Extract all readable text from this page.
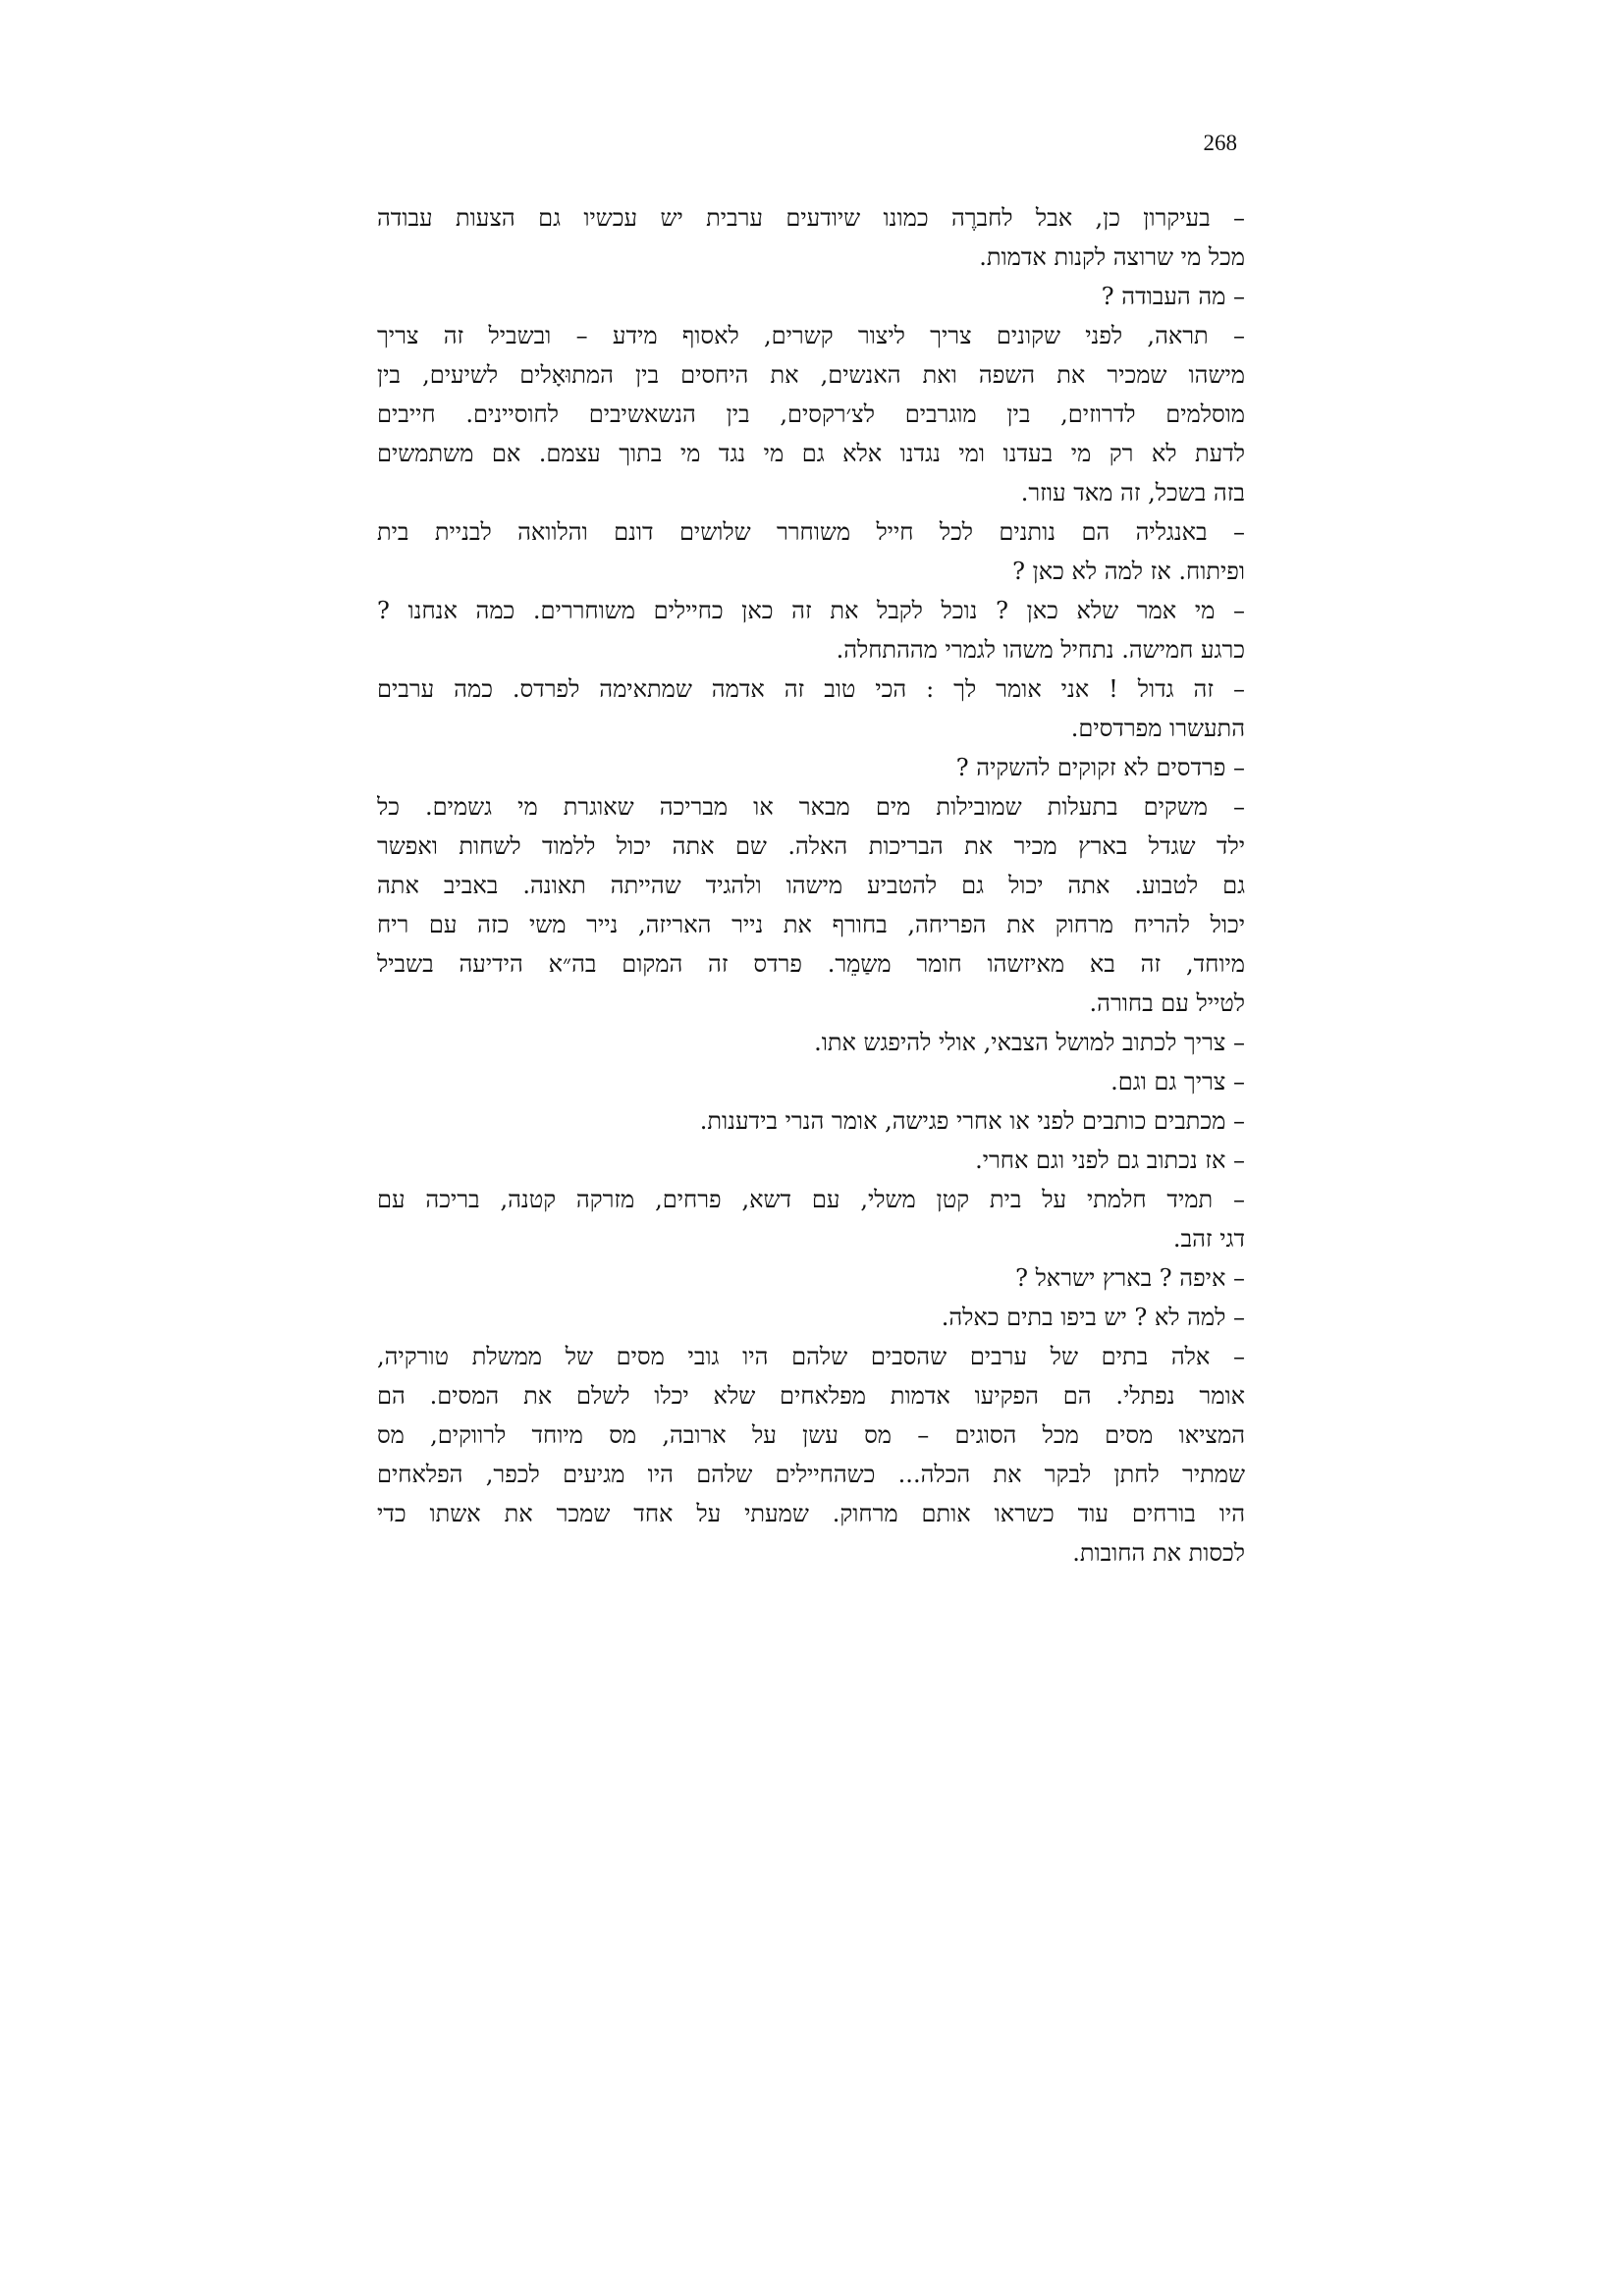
268
– בעיקרון כן, אבל לחברֶה כמונו שיודעים ערבית יש עכשיו גם הצעות עבודה
מכל מי שרוצה לקנות אדמות.
– מה העבודה ?
– תראה, לפני שקונים צריך ליצור קשרים, לאסוף מידע – ובשביל זה צריך
מישהו שמכיר את השפה ואת האנשים, את היחסים בין המתוּאָלים לשיעים, בין
מוסלמים לדרוזים, בין מוגרבים לצ׳רקסים, בין הנשאשיבים לחוסיינים. חייבים
לדעת לא רק מי בעדנו ומי נגדנו אלא גם מי נגד מי בתוך עצמם. אם משתמשים
בזה בשכל, זה מאד עוזר.
– באנגליה הם נותנים לכל חייל משוחרר שלושים דונם והלוואה לבניית בית
ופיתוח. אז למה לא כאן ?
– מי אמר שלא כאן ? נוכל לקבל את זה כאן כחיילים משוחררים. כמה אנחנו ?
כרגע חמישה. נתחיל משהו לגמרי מההתחלה.
– זה גדול ! אני אומר לך : הכי טוב זה אדמה שמתאימה לפרדס. כמה ערבים
התעשרו מפרדסים.
– פרדסים לא זקוקים להשקיה ?
– משקים בתעלות שמובילות מים מבאר או מבריכה שאוגרת מי גשמים. כל
ילד שגדל בארץ מכיר את הבריכות האלה. שם אתה יכול ללמוד לשחות ואפשר
גם לטבוע. אתה יכול גם להטביע מישהו ולהגיד שהייתה תאונה. באביב אתה
יכול להריח מרחוק את הפריחה, בחורף את נייר האריזה, נייר משי כזה עם ריח
מיוחד, זה בא מאיזשהו חומר משַמֵר. פרדס זה המקום בה״א הידיעה בשביל
לטייל עם בחורה.
– צריך לכתוב למושל הצבאי, אולי להיפגש אתו.
– צריך גם וגם.
– מכתבים כותבים לפני או אחרי פגישה, אומר הנרי בידענות.
– אז נכתוב גם לפני וגם אחרי.
– תמיד חלמתי על בית קטן משלי, עם דשא, פרחים, מזרקה קטנה, בריכה עם
דגי זהב.
– איפה ? בארץ ישראל ?
– למה לא ? יש ביפו בתים כאלה.
– אלה בתים של ערבים שהסבים שלהם היו גובי מסים של ממשלת טורקיה,
אומר נפתלי. הם הפקיעו אדמות מפלאחים שלא יכלו לשלם את המסים. הם
המציאו מסים מכל הסוגים – מס עשן על ארובה, מס מיוחד לרווקים, מס
שמתיר לחתן לבקר את הכלה... כשהחיילים שלהם היו מגיעים לכפר, הפלאחים
היו בורחים עוד כשראו אותם מרחוק. שמעתי על אחד שמכר את אשתו כדי
לכסות את החובות.
